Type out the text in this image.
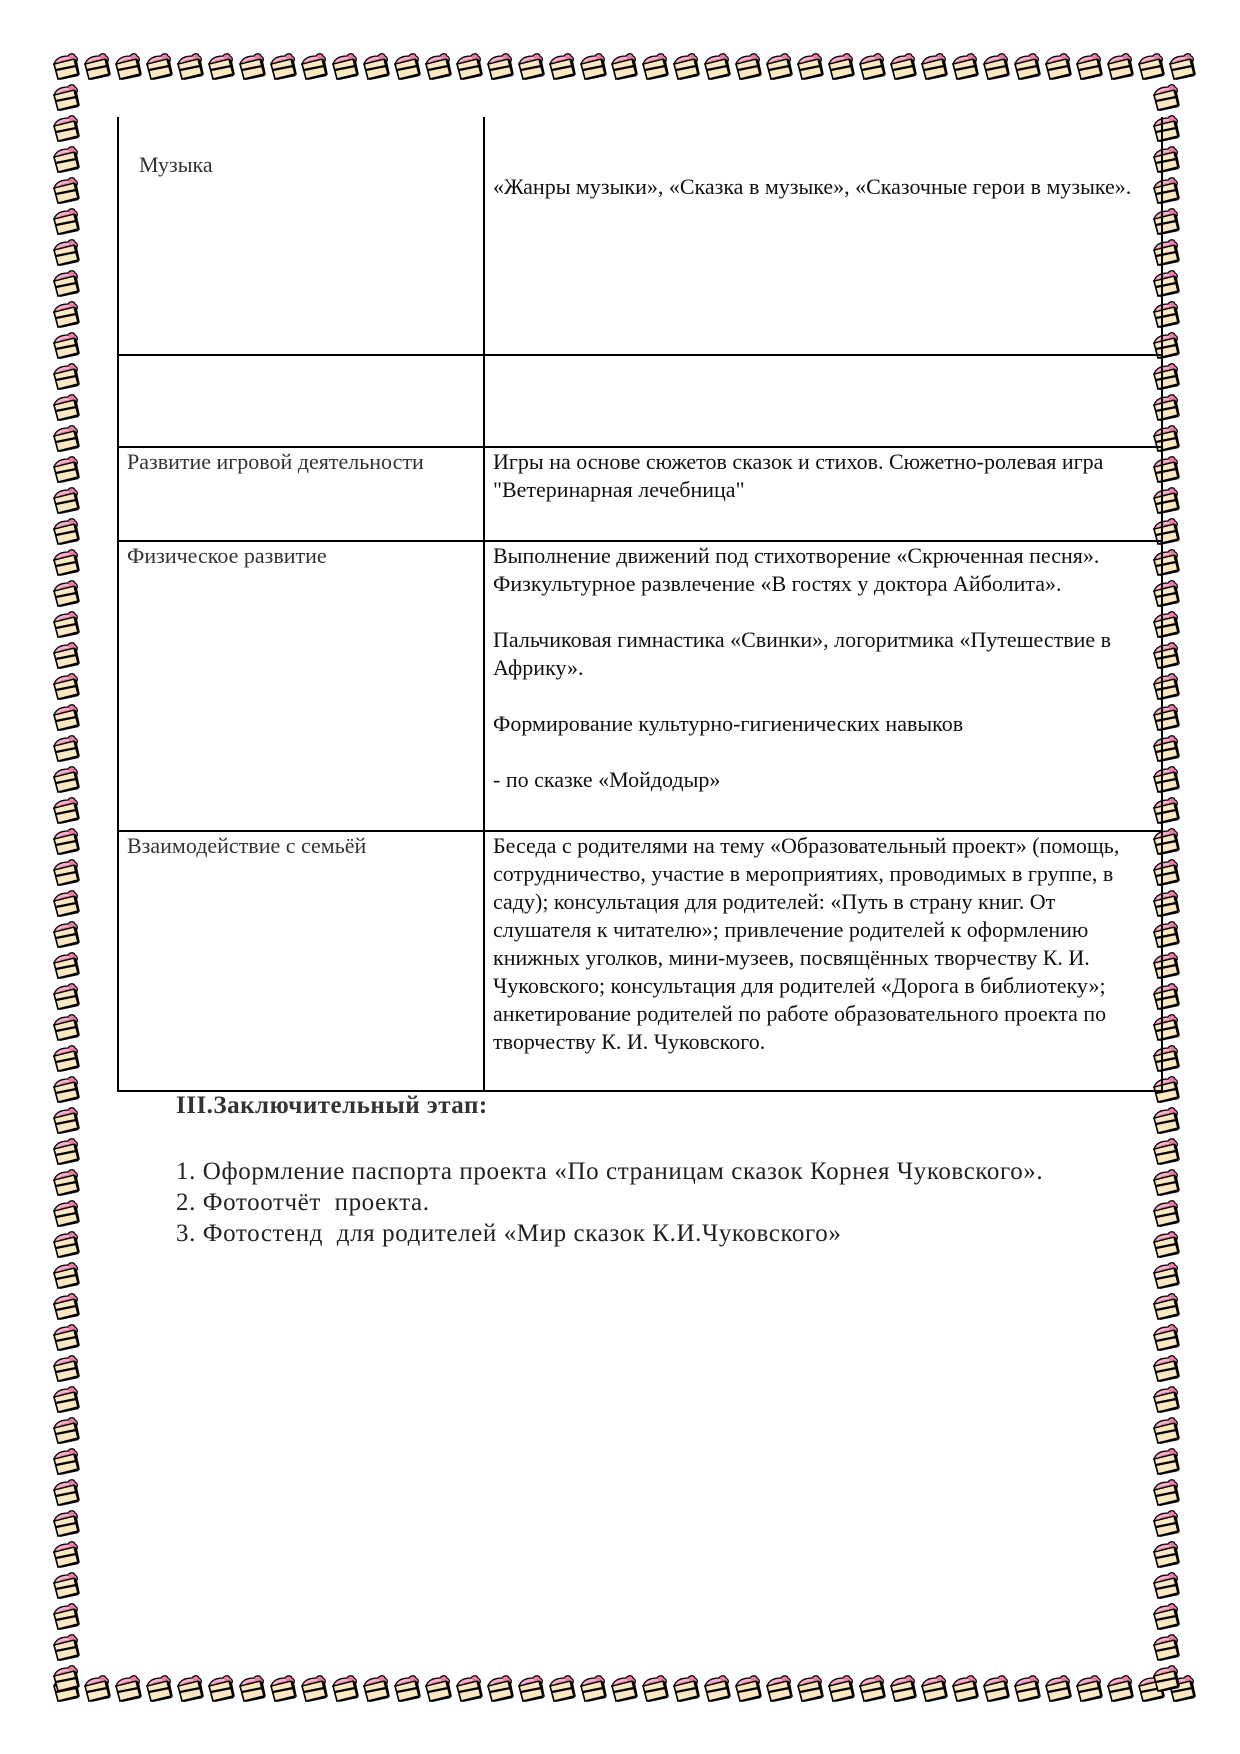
Музыка	«Жанры музыки», «Сказка в музыке», «Сказочные герои в музыке».

Развитие игровой деятельности	Игры на основе сюжетов сказок и стихов. Сюжетно-ролевая игра "Ветеринарная лечебница"

Физическое развитие	Выполнение движений под стихотворение «Скрюченная песня». Физкультурное развлечение «В гостях у доктора Айболита».

Пальчиковая гимнастика «Свинки», логоритмика «Путешествие в Африку».

Формирование культурно-гигиенических навыков

- по сказке «Мойдодыр»

Взаимодействие с семьёй	Беседа с родителями на тему «Образовательный проект» (помощь, сотрудничество, участие в мероприятиях, проводимых в группе, в саду); консультация для родителей: «Путь в страну книг. От слушателя к читателю»; привлечение родителей к оформлению книжных уголков, мини-музеев, посвящённых творчеству К. И. Чуковского; консультация для родителей «Дорога в библиотеку»; анкетирование родителей по работе образовательного проекта по творчеству К. И. Чуковского.

III.Заключительный этап:

1. Оформление паспорта проекта «По страницам сказок Корнея Чуковского».

2. Фотоотчёт  проекта.

3. Фотостенд  для родителей «Мир сказок К.И.Чуковского»
